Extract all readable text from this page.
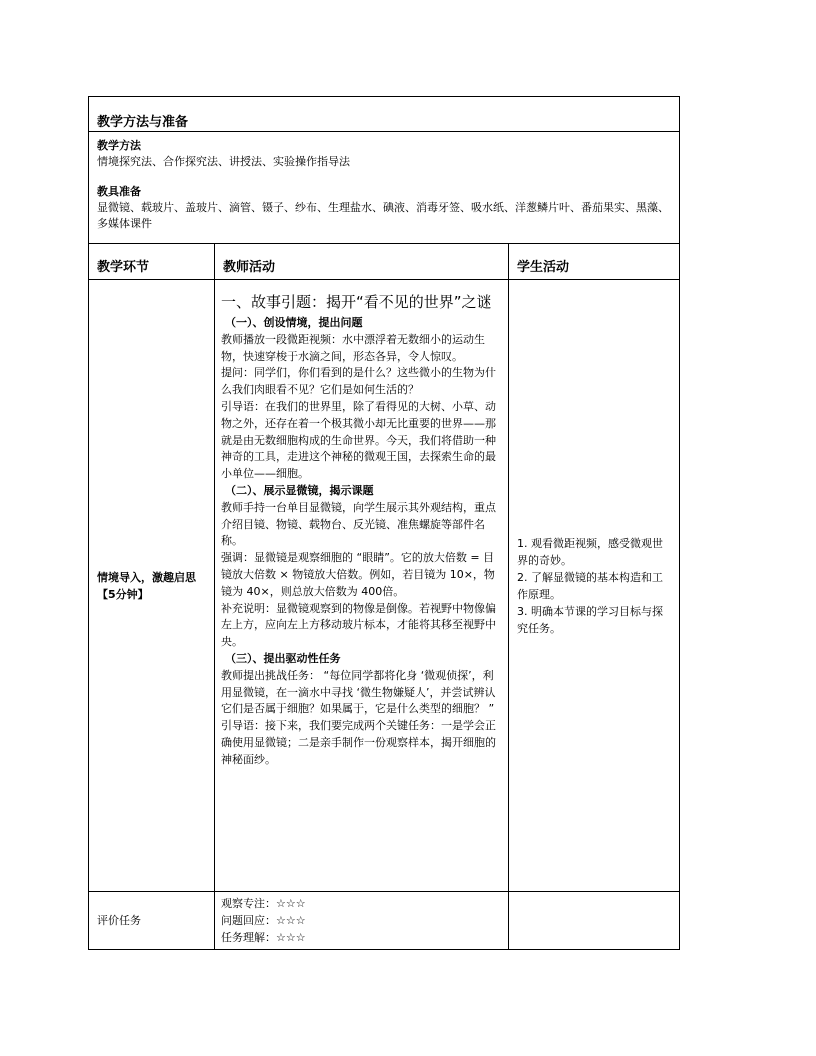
教学方法与准备
教学方法
情境探究法、合作探究法、讲授法、实验操作指导法
教具准备
显微镜、载玻片、盖玻片、滴管、镊子、纱布、生理盐水、碘液、消毒牙签、吸水纸、洋葱鳞片叶、番茄果实、黑藻、多媒体课件
教学环节	教师活动	学生活动
情境导入，激趣启思【5分钟】
一、故事引题：揭开“看不见的世界”之谜
（一）、创设情境，提出问题
教师播放一段微距视频：水中漂浮着无数细小的运动生物，快速穿梭于水滴之间，形态各异，令人惊叹。
提问：同学们，你们看到的是什么？这些微小的生物为什么我们肉眼看不见？它们是如何生活的？
引导语：在我们的世界里，除了看得见的大树、小草、动物之外，还存在着一个极其微小却无比重要的世界——那就是由无数细胞构成的生命世界。今天，我们将借助一种神奇的工具，走进这个神秘的微观王国，去探索生命的最小单位——细胞。
（二）、展示显微镜，揭示课题
教师手持一台单目显微镜，向学生展示其外观结构，重点介绍目镜、物镜、载物台、反光镜、准焦螺旋等部件名称。
强调：显微镜是观察细胞的 “眼睛”。它的放大倍数 = 目镜放大倍数 × 物镜放大倍数。例如，若目镜为 10×，物镜为 40×，则总放大倍数为 400倍。
补充说明：显微镜观察到的物像是倒像。若视野中物像偏左上方，应向左上方移动玻片标本，才能将其移至视野中央。
（三）、提出驱动性任务
教师提出挑战任务： “每位同学都将化身 ‘微观侦探’，利用显微镜，在一滴水中寻找 ‘微生物嫌疑人’，并尝试辨认它们是否属于细胞？如果属于，它是什么类型的细胞？ ”
引导语：接下来，我们要完成两个关键任务：一是学会正确使用显微镜；二是亲手制作一份观察样本，揭开细胞的神秘面纱。
1. 观看微距视频，感受微观世界的奇妙。
2. 了解显微镜的基本构造和工作原理。
3. 明确本节课的学习目标与探究任务。
评价任务
观察专注：☆☆☆
问题回应：☆☆☆
任务理解：☆☆☆
